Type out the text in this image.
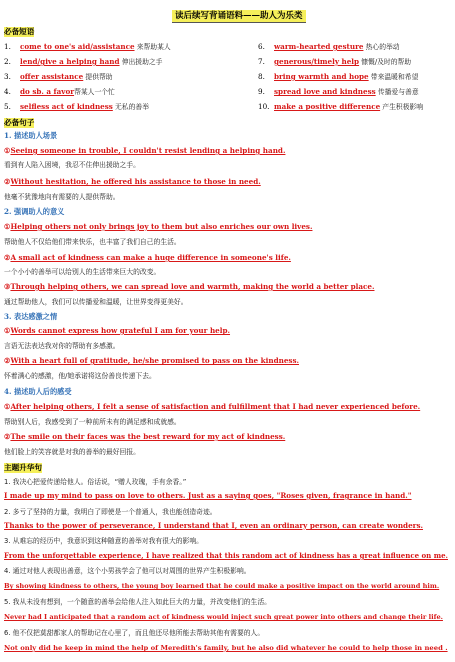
读后续写背诵语料——助人为乐类
必备短语
1. come to one's aid/assistance 来帮助某人
2. lend/give a helping hand 伸出援助之手
3. offer assistance 提供帮助
4. do sb. a favor帮某人一个忙
5. selfless act of kindness 无私的善举
6. warm-hearted gesture 热心的举动
7. generous/timely help 慷慨/及时的帮助
8. bring warmth and hope 带来温暖和希望
9. spread love and kindness 传播爱与善意
10. make a positive difference 产生积极影响
必备句子
1. 描述助人场景
①Seeing someone in trouble, I couldn't resist lending a helping hand.
看到有人陷入困境，我忍不住伸出援助之手。
②Without hesitation, he offered his assistance to those in need.
他毫不犹豫地向有需要的人提供帮助。
2. 强调助人的意义
①Helping others not only brings joy to them but also enriches our own lives.
帮助他人不仅给他们带来快乐，也丰富了我们自己的生活。
②A small act of kindness can make a huge difference in someone's life.
一个小小的善举可以给别人的生活带来巨大的改变。
③Through helping others, we can spread love and warmth, making the world a better place.
通过帮助他人，我们可以传播爱和温暖，让世界变得更美好。
3. 表达感激之情
①Words cannot express how grateful I am for your help.
言语无法表达我对你的帮助有多感激。
②With a heart full of gratitude, he/she promised to pass on the kindness.
怀着满心的感激，他/她承诺将这份善良传递下去。
4. 描述助人后的感受
①After helping others, I felt a sense of satisfaction and fulfillment that I had never experienced before.
帮助别人后，我感受到了一种前所未有的满足感和成就感。
②The smile on their faces was the best reward for my act of kindness.
他们脸上的笑容就是对我的善举的最好回报。
主题升华句
1. 我决心把爱传递给他人。俗话说，“赠人玫瑰，手有余香。”
I made up my mind to pass on love to others. Just as a saying goes, "Roses given, fragrance in hand."
2. 多亏了坚持的力量，我明白了即使是一个普通人，我也能创造奇迹。
Thanks to the power of perseverance, I understand that I, even an ordinary person, can create wonders.
3. 从难忘的经历中，我意识到这种随意的善举对我有很大的影响。
From the unforgettable experience, I have realized that this random act of kindness has a great influence on me.
4. 通过对他人表现出善意，这个小男孩学会了他可以对周围的世界产生积极影响。
By showing kindness to others, the young boy learned that he could make a positive impact on the world around him.
5. 我从未没有想到，一个随意的善举会给他人注入如此巨大的力量，并改变他们的生活。
Never had I anticipated that a random act of kindness would inject such great power into others and change their life.
6. 他不仅把莫甜都家人的帮助记在心里了，而且他还尽他所能去帮助其他有需要的人。
Not only did he keep in mind the help of Meredith's family, but he also did whatever he could to help those in need .
